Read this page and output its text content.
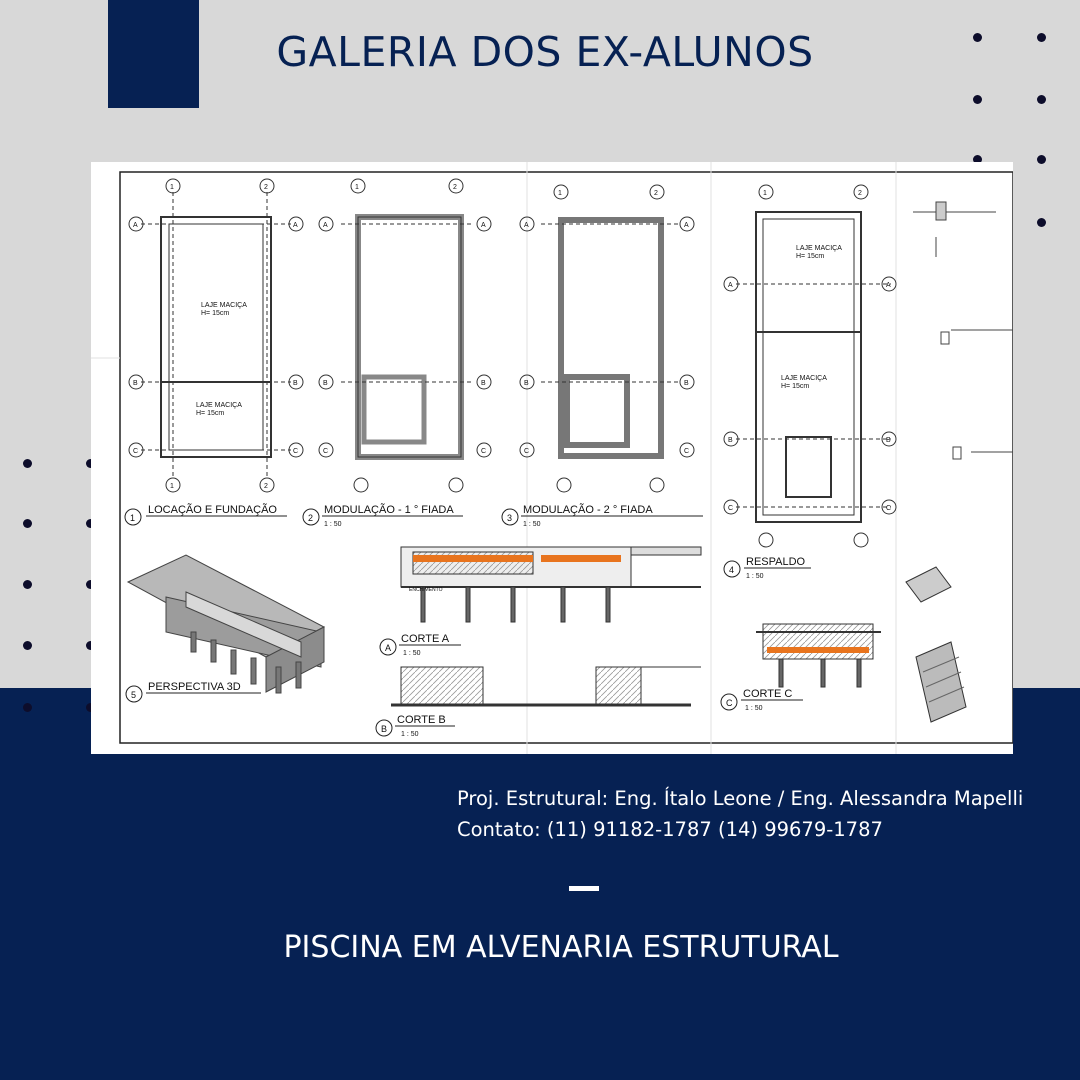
GALERIA DOS EX-ALUNOS
1	2
A	A
B	B
C	C
1	2
LAJE MACIÇA
H= 15cm
LAJE MACIÇA
H= 15cm
1	2
A	A
B	B
C	C
1	2
A	A
B	B
C	C
1	2
A	A
B	B
C	C
LAJE MACIÇA
H= 15cm
LAJE MACIÇA
H= 15cm
1
LOCAÇÃO E FUNDAÇÃO
2
MODULAÇÃO - 1 ° FIADA
1 : 50
3
MODULAÇÃO - 2 ° FIADA
1 : 50
4
RESPALDO
1 : 50
5
PERSPECTIVA 3D
A
CORTE A
1 : 50
B
CORTE B
1 : 50
C
CORTE C
1 : 50
ENCHIMENTO
Proj. Estrutural: Eng. Ítalo Leone / Eng. Alessandra Mapelli
Contato: (11) 91182-1787 (14) 99679-1787
PISCINA EM ALVENARIA ESTRUTURAL
